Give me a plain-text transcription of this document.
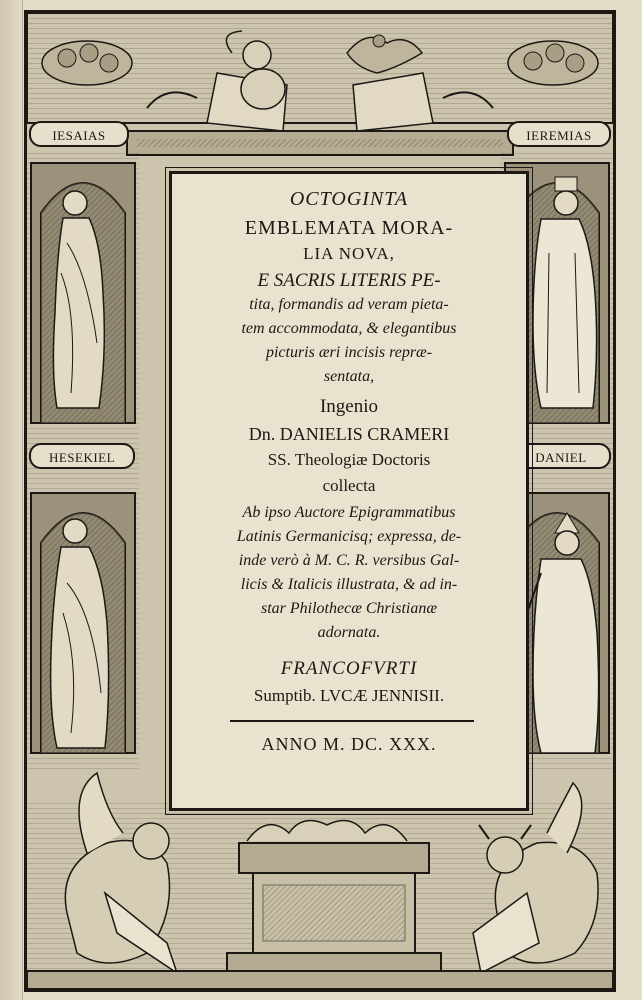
IESAIAS	IEREMIAS
HESEKIEL	DANIEL
OCTOGINTA
EMBLEMATA MORA-
LIA NOVA,
E SACRIS LITERIS PE-
tita, formandis ad veram pieta-
tem accommodata, & elegantibus
picturis æri incisis repræ-
sentata,
Ingenio
Dn. DANIELIS CRAMERI
SS. Theologiæ Doctoris
collecta
Ab ipso Auctore Epigrammatibus
Latinis Germanicisq; expressa, de-
inde verò à M. C. R. versibus Gal-
licis & Italicis illustrata, & ad in-
star Philothecæ Christianæ
adornata.
FRANCOFVRTI
Sumptib. LVCÆ JENNISII.
ANNO M. DC. XXX.
